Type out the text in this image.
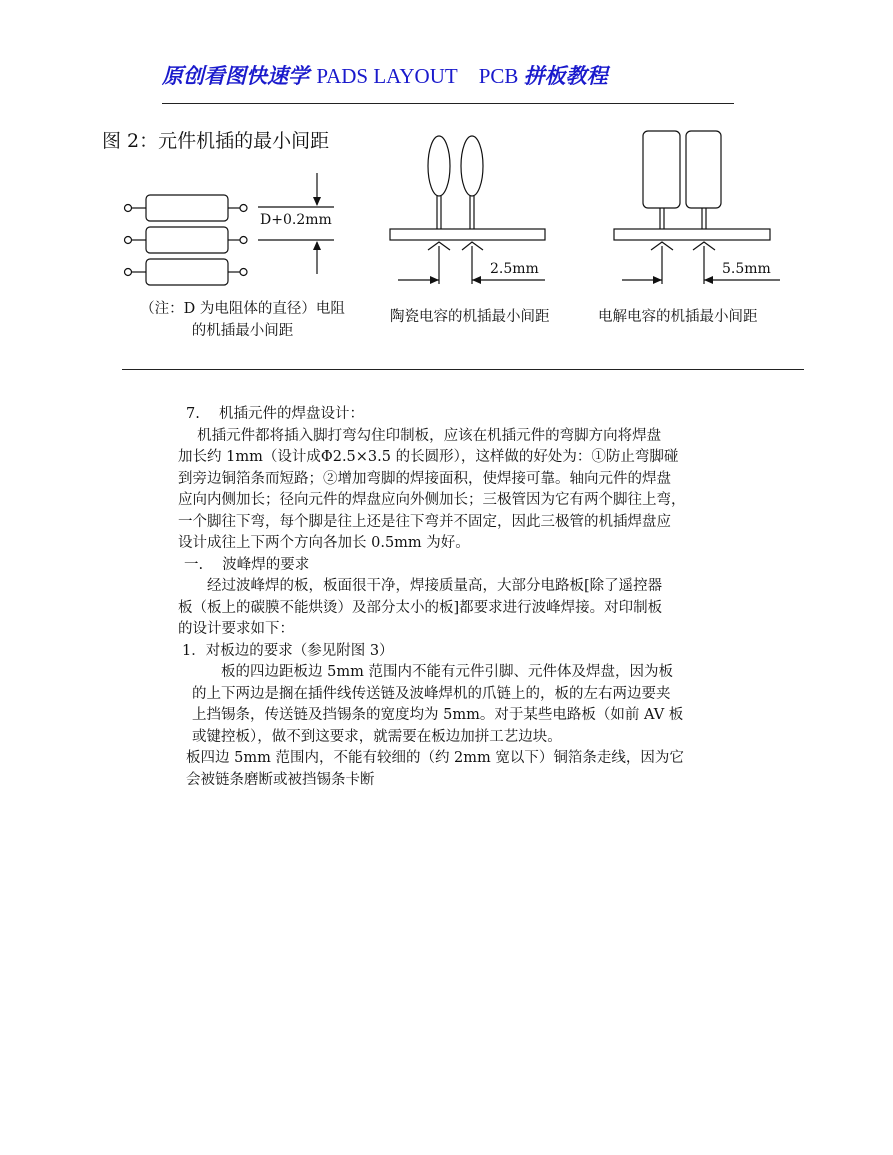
原创看图快速学 PADS LAYOUT PCB 拼板教程
图 2：元件机插的最小间距
D+0.2mm
2.5mm	5.5mm
（注：D 为电阻体的直径）电阻的机插最小间距
陶瓷电容的机插最小间距	电解电容的机插最小间距
7.　 机插元件的焊盘设计：
　 机插元件都将插入脚打弯勾住印制板，应该在机插元件的弯脚方向将焊盘
加长约 1mm（设计成Φ2.5×3.5 的长圆形），这样做的好处为：①防止弯脚碰
到旁边铜箔条而短路；②增加弯脚的焊接面积，使焊接可靠。轴向元件的焊盘
应向内侧加长；径向元件的焊盘应向外侧加长；三极管因为它有两个脚往上弯，
一个脚往下弯，每个脚是往上还是往下弯并不固定，因此三极管的机插焊盘应
设计成往上下两个方向各加长 0.5mm 为好。
一.　 波峰焊的要求
　　经过波峰焊的板，板面很干净，焊接质量高，大部分电路板[除了遥控器
板（板上的碳膜不能烘烫）及部分太小的板]都要求进行波峰焊接。对印制板
的设计要求如下：
1．对板边的要求（参见附图 3）
　　板的四边距板边 5mm 范围内不能有元件引脚、元件体及焊盘，因为板
的上下两边是搁在插件线传送链及波峰焊机的爪链上的，板的左右两边要夹
上挡锡条，传送链及挡锡条的宽度均为 5mm。对于某些电路板（如前 AV 板
或键控板），做不到这要求，就需要在板边加拼工艺边块。
板四边 5mm 范围内，不能有较细的（约 2mm 宽以下）铜箔条走线，因为它
会被链条磨断或被挡锡条卡断
